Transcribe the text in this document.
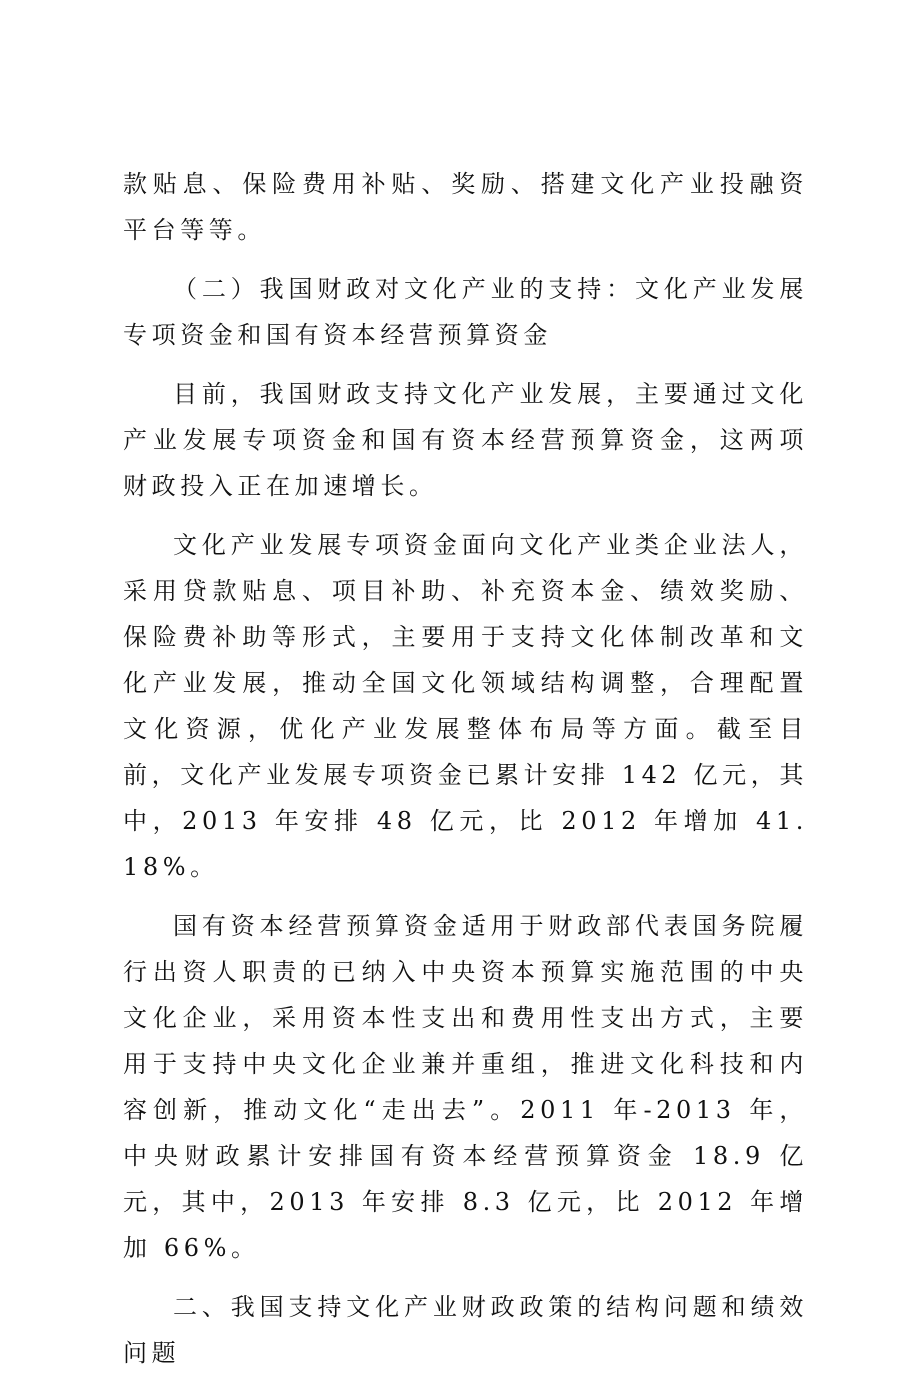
款贴息、保险费用补贴、奖励、搭建文化产业投融资平台等等。

（二）我国财政对文化产业的支持：文化产业发展专项资金和国有资本经营预算资金

目前，我国财政支持文化产业发展，主要通过文化产业发展专项资金和国有资本经营预算资金，这两项财政投入正在加速增长。

文化产业发展专项资金面向文化产业类企业法人，采用贷款贴息、项目补助、补充资本金、绩效奖励、保险费补助等形式，主要用于支持文化体制改革和文化产业发展，推动全国文化领域结构调整，合理配置文化资源，优化产业发展整体布局等方面。截至目前，文化产业发展专项资金已累计安排 142 亿元，其中，2013 年安排 48 亿元，比 2012 年增加 41.18%。

国有资本经营预算资金适用于财政部代表国务院履行出资人职责的已纳入中央资本预算实施范围的中央文化企业，采用资本性支出和费用性支出方式，主要用于支持中央文化企业兼并重组，推进文化科技和内容创新，推动文化“走出去”。2011 年-2013 年，中央财政累计安排国有资本经营预算资金 18.9 亿元，其中，2013 年安排 8.3 亿元，比 2012 年增加 66%。

二、我国支持文化产业财政政策的结构问题和绩效问题
